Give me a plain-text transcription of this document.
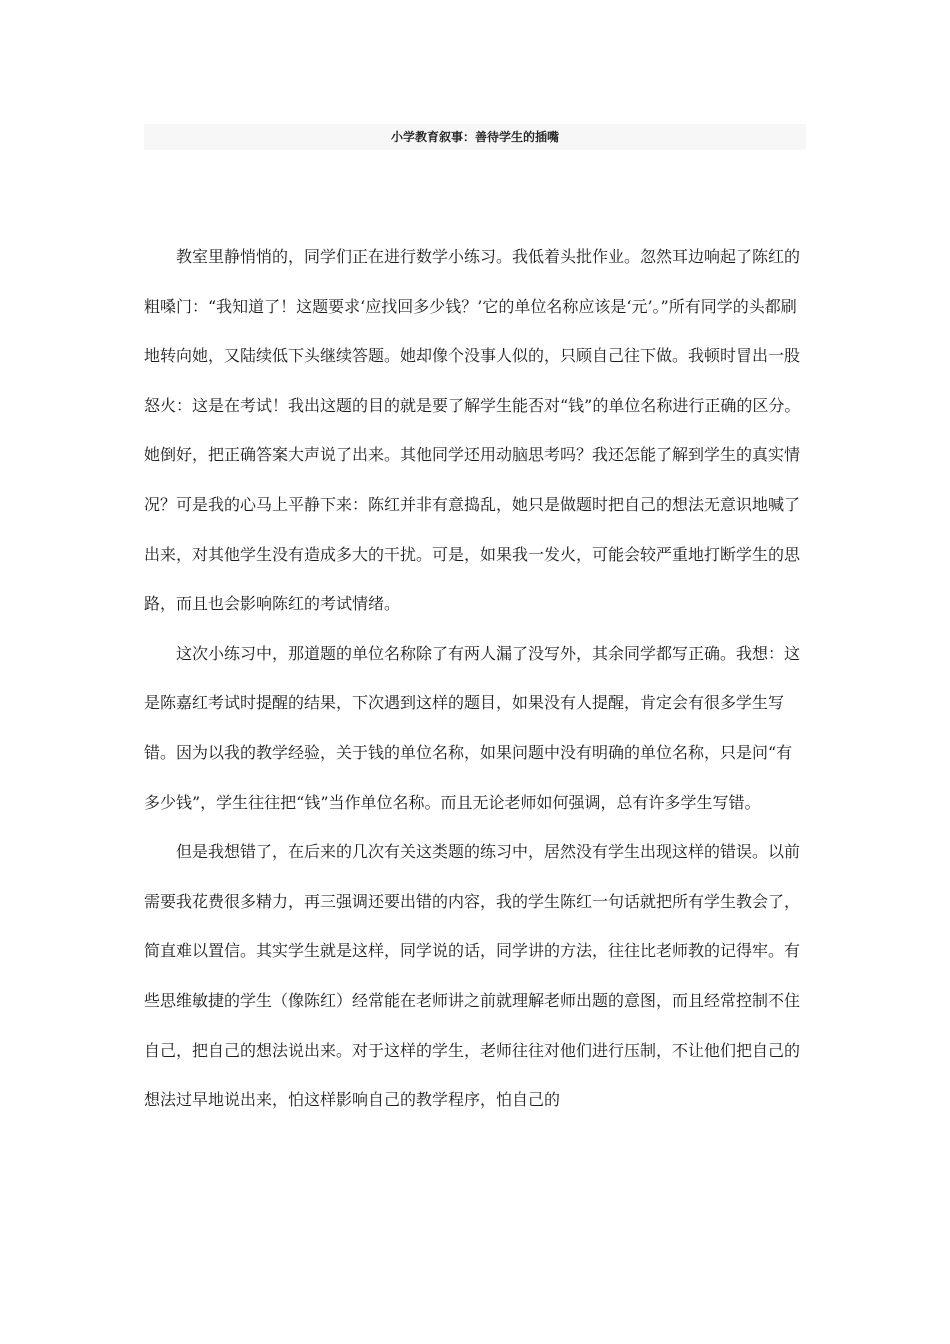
小学教育叙事：善待学生的插嘴

教室里静悄悄的，同学们正在进行数学小练习。我低着头批作业。忽然耳边响起了陈红的粗嗓门：“我知道了！这题要求‘应找回多少钱？’它的单位名称应该是‘元’。”所有同学的头都刷地转向她，又陆续低下头继续答题。她却像个没事人似的，只顾自己往下做。我顿时冒出一股怒火：这是在考试！我出这题的目的就是要了解学生能否对“钱”的单位名称进行正确的区分。她倒好，把正确答案大声说了出来。其他同学还用动脑思考吗？我还怎能了解到学生的真实情况？可是我的心马上平静下来：陈红并非有意捣乱，她只是做题时把自己的想法无意识地喊了出来，对其他学生没有造成多大的干扰。可是，如果我一发火，可能会较严重地打断学生的思路，而且也会影响陈红的考试情绪。

这次小练习中，那道题的单位名称除了有两人漏了没写外，其余同学都写正确。我想：这是陈嘉红考试时提醒的结果，下次遇到这样的题目，如果没有人提醒，肯定会有很多学生写错。因为以我的教学经验，关于钱的单位名称，如果问题中没有明确的单位名称，只是问“有多少钱”，学生往往把“钱”当作单位名称。而且无论老师如何强调，总有许多学生写错。

但是我想错了，在后来的几次有关这类题的练习中，居然没有学生出现这样的错误。以前需要我花费很多精力，再三强调还要出错的内容，我的学生陈红一句话就把所有学生教会了，简直难以置信。其实学生就是这样，同学说的话，同学讲的方法，往往比老师教的记得牢。有些思维敏捷的学生（像陈红）经常能在老师讲之前就理解老师出题的意图，而且经常控制不住自己，把自己的想法说出来。对于这样的学生，老师往往对他们进行压制，不让他们把自己的想法过早地说出来，怕这样影响自己的教学程序，怕自己的
